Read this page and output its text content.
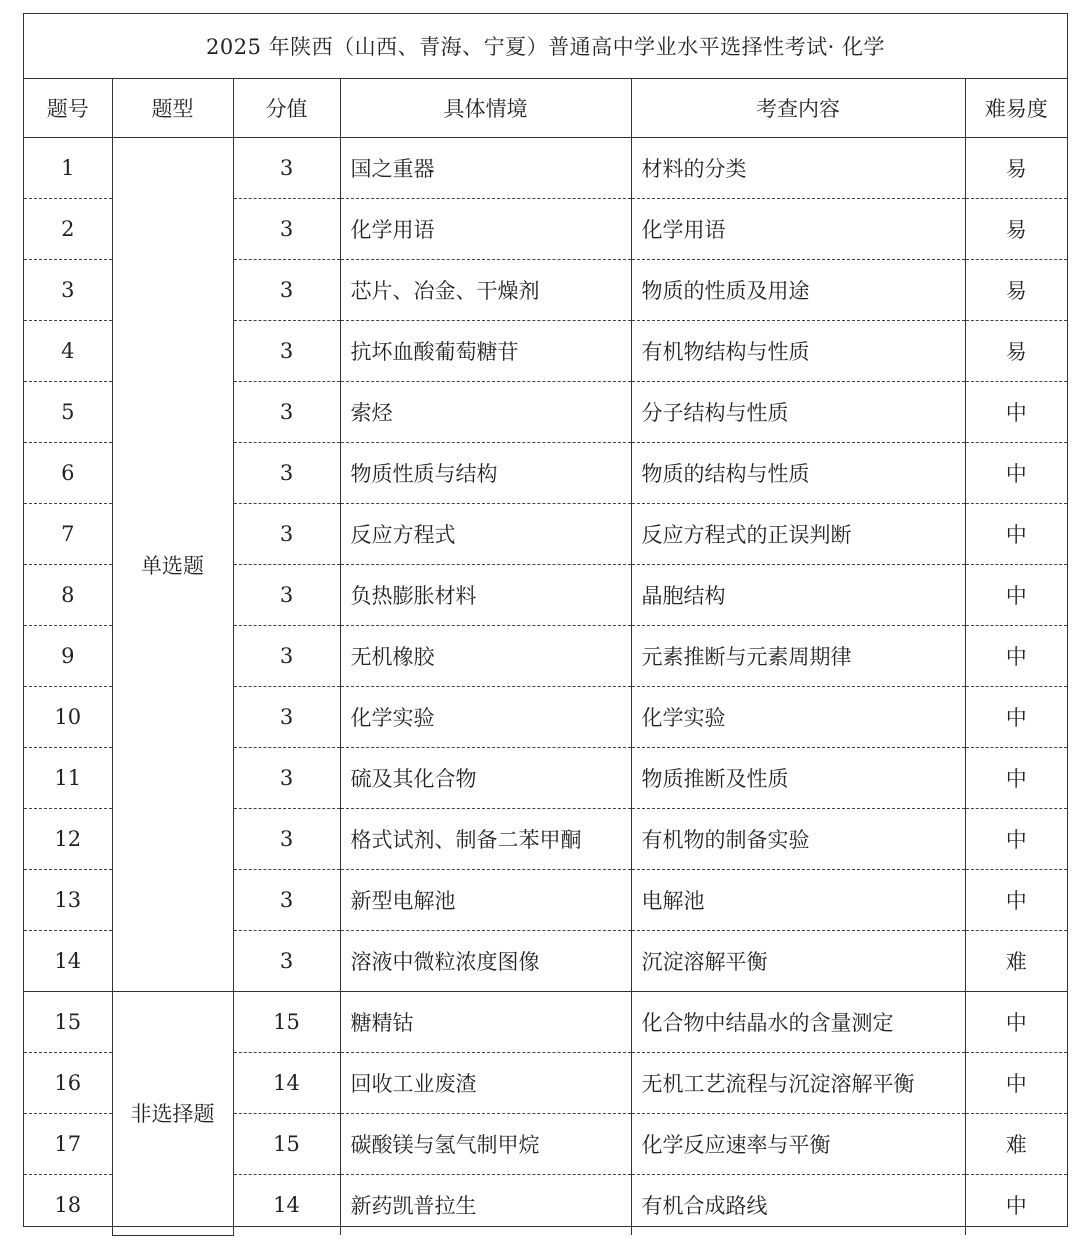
2025 年陕西（山西、青海、宁夏）普通高中学业水平选择性考试· 化学
题号	题型	分值	具体情境	考查内容	难易度
1	单选题	3	国之重器	材料的分类	易
2		3	化学用语	化学用语	易
3		3	芯片、冶金、干燥剂	物质的性质及用途	易
4		3	抗坏血酸葡萄糖苷	有机物结构与性质	易
5		3	索烃	分子结构与性质	中
6		3	物质性质与结构	物质的结构与性质	中
7		3	反应方程式	反应方程式的正误判断	中
8		3	负热膨胀材料	晶胞结构	中
9		3	无机橡胶	元素推断与元素周期律	中
10		3	化学实验	化学实验	中
11		3	硫及其化合物	物质推断及性质	中
12		3	格式试剂、制备二苯甲酮	有机物的制备实验	中
13		3	新型电解池	电解池	中
14		3	溶液中微粒浓度图像	沉淀溶解平衡	难
15	非选择题	15	糖精钴	化合物中结晶水的含量测定	中
16		14	回收工业废渣	无机工艺流程与沉淀溶解平衡	中
17		15	碳酸镁与氢气制甲烷	化学反应速率与平衡	难
18		14	新药凯普拉生	有机合成路线	中
